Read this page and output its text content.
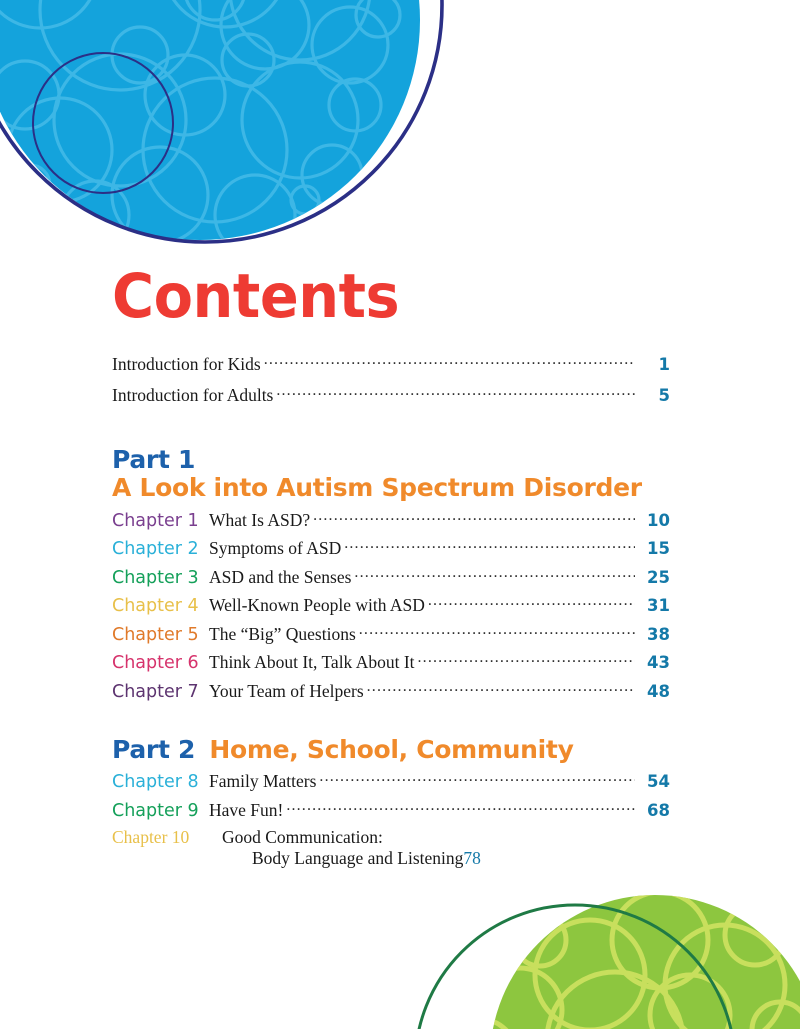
Contents
Introduction for Kids .....	1
Introduction for Adults .....	5
Part 1
A Look into Autism Spectrum Disorder
Chapter 1 What Is ASD? .....	10
Chapter 2 Symptoms of ASD .....	15
Chapter 3 ASD and the Senses .....	25
Chapter 4 Well-Known People with ASD .....	31
Chapter 5 The “Big” Questions .....	38
Chapter 6 Think About It, Talk About It .....	43
Chapter 7 Your Team of Helpers .....	48
Part 2 Home, School, Community
Chapter 8 Family Matters .....	54
Chapter 9 Have Fun! .....	68
Chapter 10	Good Communication:
Body Language and Listening 78
